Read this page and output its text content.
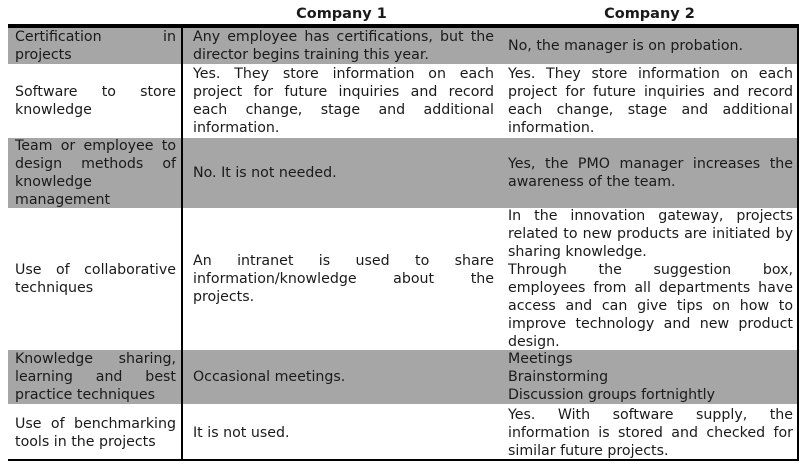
Company 1	Company 2
Certification in projects
Any employee has certifications, but the director begins training this year.
No, the manager is on probation.
Software to store knowledge
Yes. They store information on each project for future inquiries and record each change, stage and additional information.
Yes. They store information on each project for future inquiries and record each change, stage and additional information.
Team or employee to design methods of knowledge management
No. It is not needed.
Yes, the PMO manager increases the awareness of the team.
Use of collaborative techniques
An intranet is used to share information/knowledge about the projects.
In the innovation gateway, projects related to new products are initiated by sharing knowledge.
Through the suggestion box, employees from all departments have access and can give tips on how to improve technology and new product design.
Knowledge sharing, learning and best practice techniques
Occasional meetings.
Meetings
Brainstorming
Discussion groups fortnightly
Use of benchmarking tools in the projects
It is not used.
Yes. With software supply, the information is stored and checked for similar future projects.
